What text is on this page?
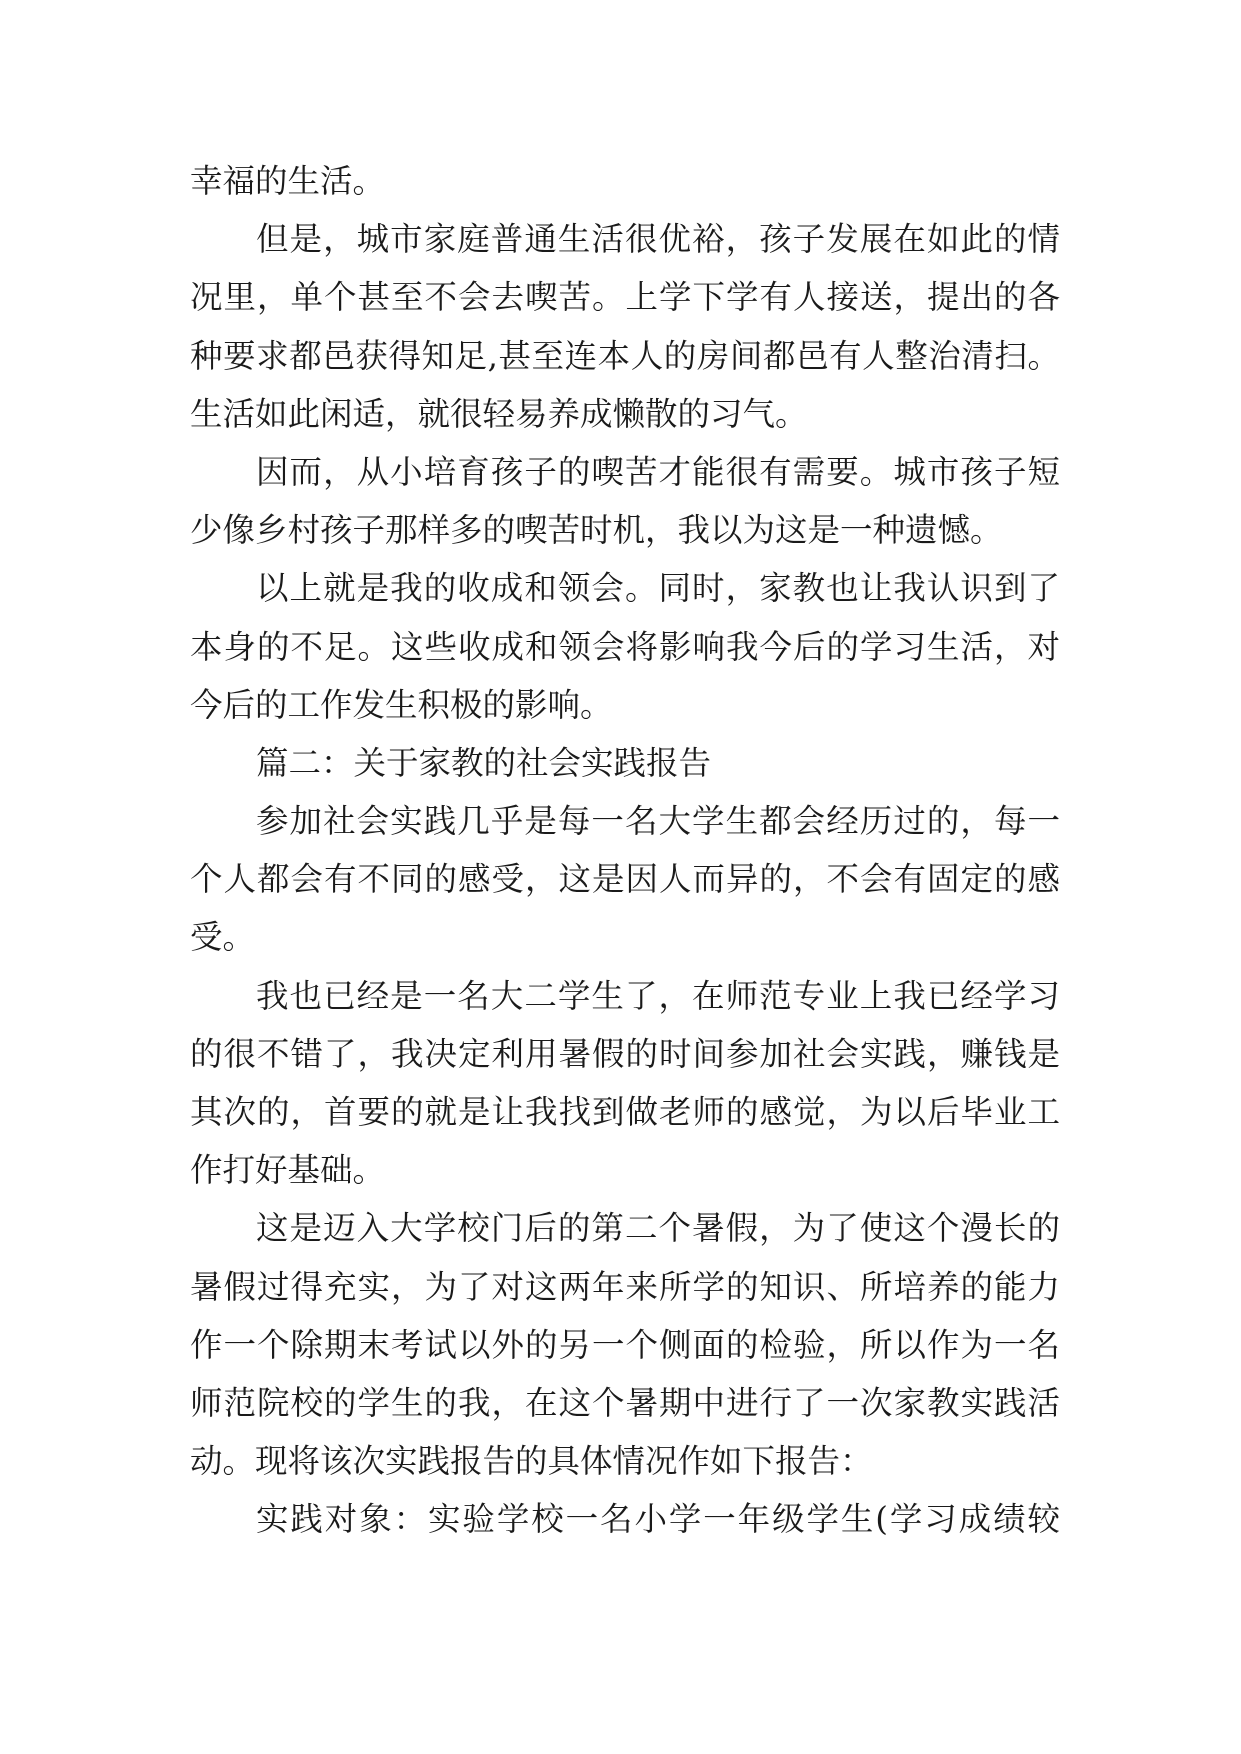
幸福的生活。
但是，城市家庭普通生活很优裕，孩子发展在如此的情
况里，单个甚至不会去喫苦。上学下学有人接送，提出的各
种要求都邑获得知足,甚至连本人的房间都邑有人整治清扫。
生活如此闲适，就很轻易养成懒散的习气。
因而，从小培育孩子的喫苦才能很有需要。城市孩子短
少像乡村孩子那样多的喫苦时机，我以为这是一种遗憾。
以上就是我的收成和领会。同时，家教也让我认识到了
本身的不足。这些收成和领会将影响我今后的学习生活，对
今后的工作发生积极的影响。
篇二：关于家教的社会实践报告
参加社会实践几乎是每一名大学生都会经历过的，每一
个人都会有不同的感受，这是因人而异的，不会有固定的感
受。
我也已经是一名大二学生了，在师范专业上我已经学习
的很不错了，我决定利用暑假的时间参加社会实践，赚钱是
其次的，首要的就是让我找到做老师的感觉，为以后毕业工
作打好基础。
这是迈入大学校门后的第二个暑假，为了使这个漫长的
暑假过得充实，为了对这两年来所学的知识、所培养的能力
作一个除期末考试以外的另一个侧面的检验，所以作为一名
师范院校的学生的我，在这个暑期中进行了一次家教实践活
动。现将该次实践报告的具体情况作如下报告：
实践对象：实验学校一名小学一年级学生(学习成绩较
